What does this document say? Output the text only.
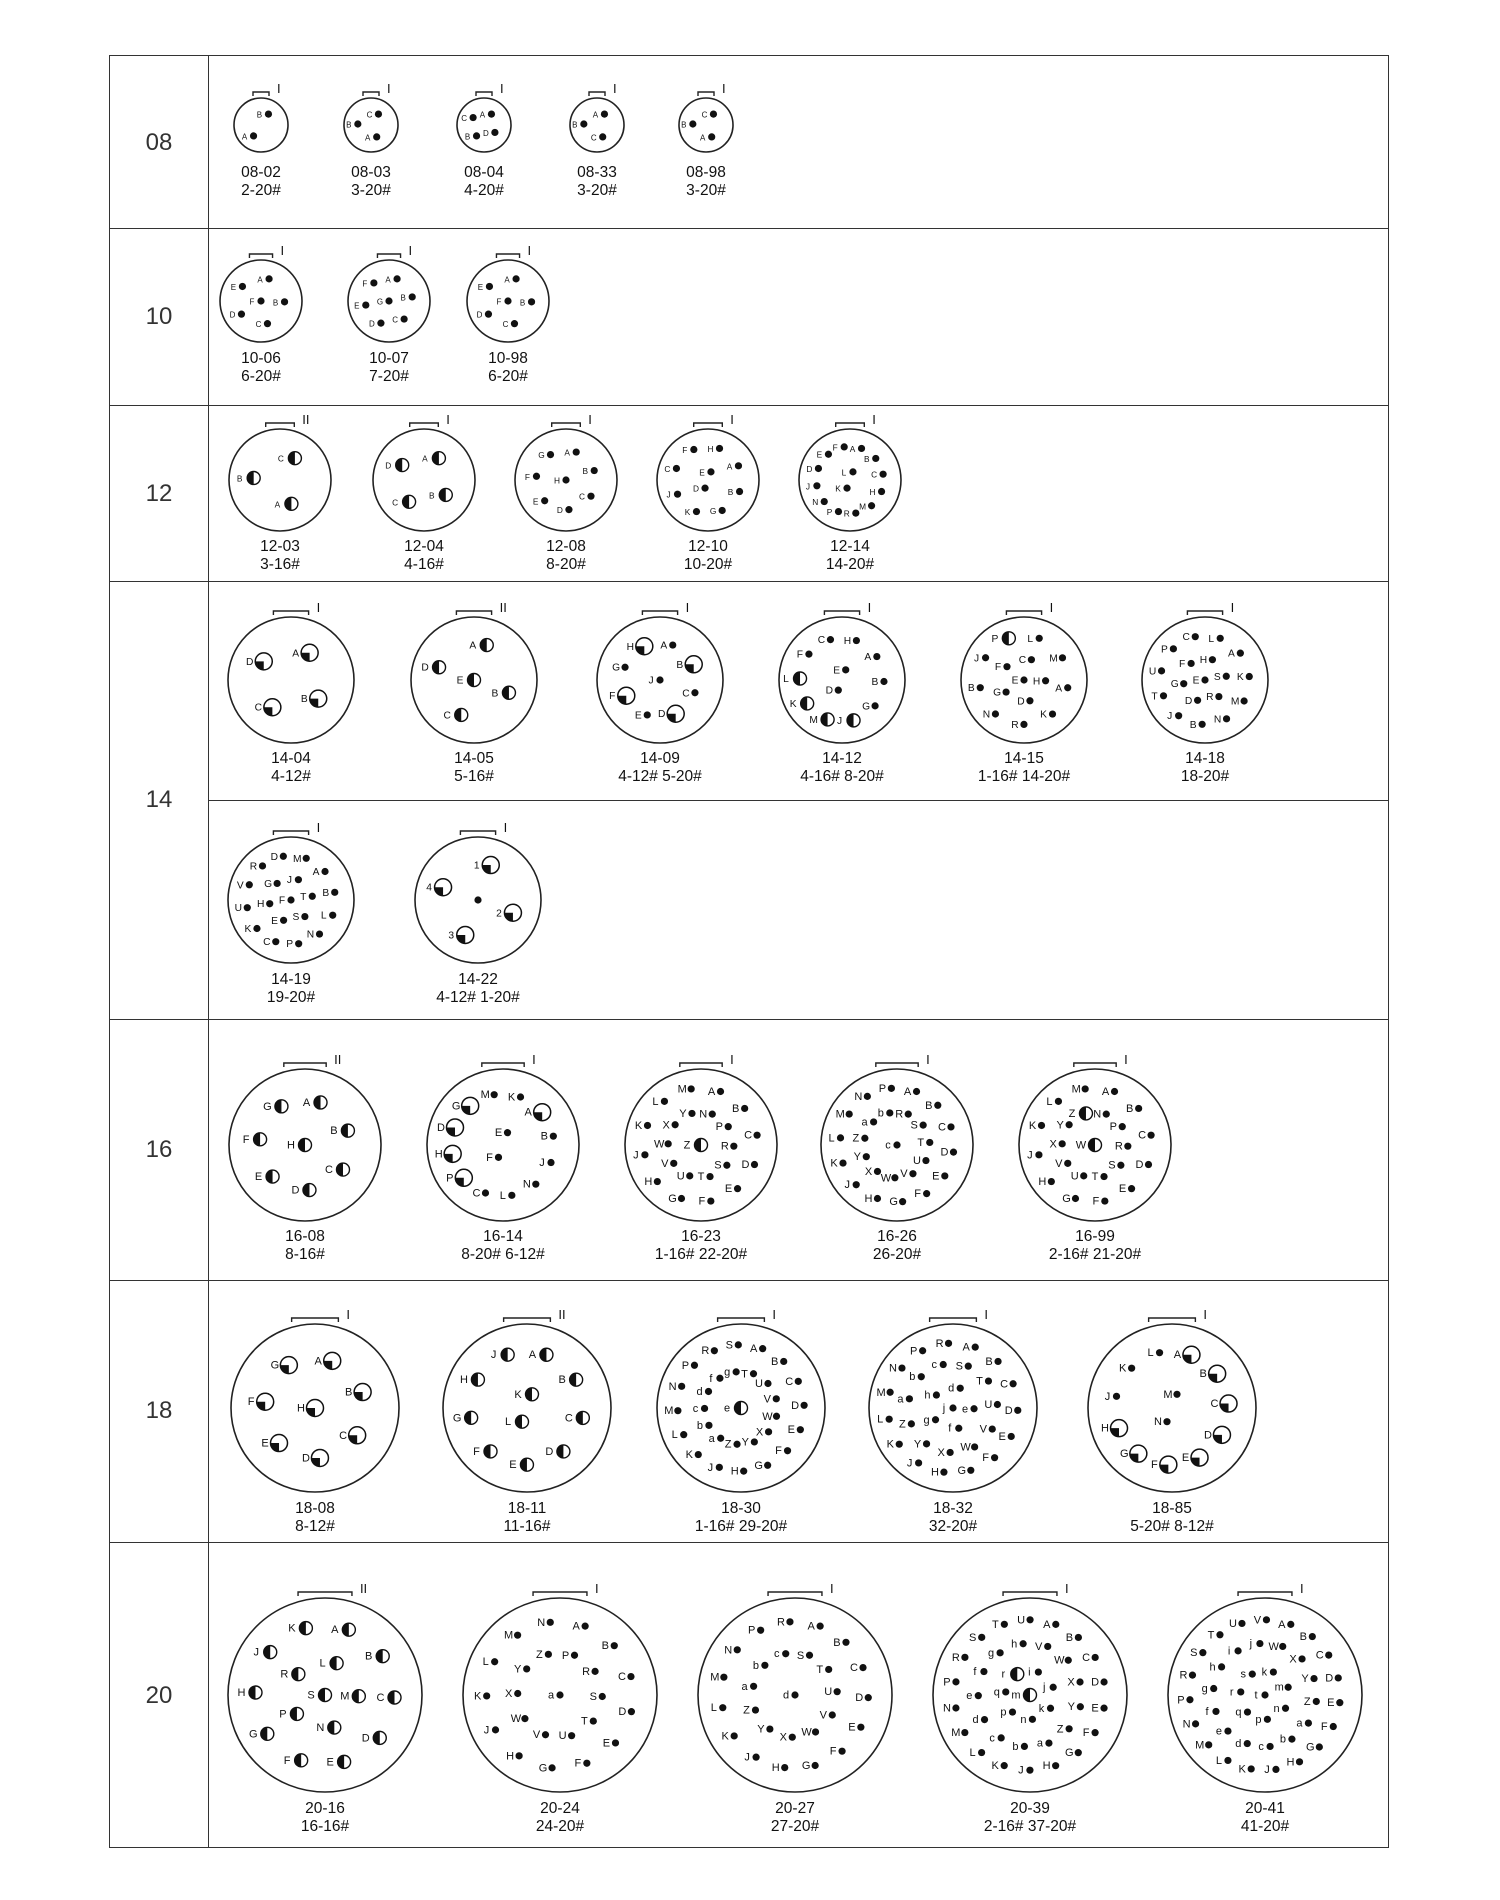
08
10
12
14
16
18
20
I
B
A
08-02
2-20#
I
C
A
B
08-03
3-20#
I
A
D
B
C
08-04
4-20#
I
A
C
B
08-33
3-20#
I
C
A
B
08-98
3-20#
I
A
B
C
D
E
F
10-06
6-20#
I
A
B
C
D
E
F
G
10-07
7-20#
I
A
B
C
D
E
F
10-98
6-20#
II
C
A
B
12-03
3-16#
I
A
B
C
D
12-04
4-16#
I
A
B
C
D
E
F
G
H
12-08
8-20#
I
H
A
B
G
K
J
C
F
E
D
12-10
10-20#
I
A
B
C
H
M
R
P
N
J
D
E
F
L
K
12-14
14-20#
I
A
B
C
D
14-04
4-12#
II
A
B
C
D
E
14-05
5-16#
I
A
B
C
D
E
F
G
H
J
14-09
4-12# 5-20#
I
H
A
B
G
J
M
K
L
F
C
E
D
14-12
4-16# 8-20#
I
L
M
A
K
R
N
B
J
P
C
H
D
G
F
E
14-15
1-16# 14-20#
I
L
A
K
M
N
B
J
T
U
P
C
H
S
R
D
G
F
E
14-18
18-20#
I
M
A
B
L
N
P
C
K
U
V
R
D
J
T
S
E
H
G
F
14-19
19-20#
I
1
2
3
4
14-22
4-12# 1-20#
II
A
B
C
D
E
F
G
H
16-08
8-16#
I
K
A
B
J
N
L
C
P
H
D
G
M
E
F
16-14
8-20# 6-12#
I
A
B
C
D
E
F
G
H
J
K
L
M
N
P
R
S
T
U
V
W
X
Y
Z
16-23
1-16# 22-20#
I
A
B
C
D
E
F
G
H
J
K
L
M
N
P
R
S
T
U
V
W
X
Y
Z
a
b
c
16-26
26-20#
I
A
B
C
D
E
F
G
H
J
K
L
M
N
P
R
S
T
U
V
X
Y
Z
W
16-99
2-16# 21-20#
I
A
B
C
D
E
F
G
H
18-08
8-12#
II
A
B
C
D
E
F
G
H
J
K
L
18-11
11-16#
I
A
B
C
D
E
F
G
H
J
K
L
M
N
P
R S
T
U
V
W
X
Y
Z
a
b
c
d
f
g
e
18-30
1-16# 29-20#
I
A
B
C
D
E
F
G
H
J
K
L
M
N
P
R
S
T
U
V
W
X
Y
Z
a
b
c
d
e
f
g
h
j
18-32
32-20#
I
A
B
C
D
E
F
G
H
J
K
L
M
N
18-85
5-20# 8-12#
II
A
B
C
D
E
F
G
H
J
K
L
M
N
P
R
S
20-16
16-16#
I
A
B
C
D
E
F
G
H
J
K
L
M
N
P
R
S
T
U
V
W
X
Y
Z
a
20-24
24-20#
I
A
B
C
D
E
F
G
H
J
K
L
M
N
P
R
S
T
U
V
W
X
Y
Z
a
b
c
d
20-27
27-20#
I
A
B
C
D
E
F
G
H
J
K
L
M
N
P
R
S
T U
V
W
X
Y
Z
a
b
c
d
e
f
g
h
i
j
k
n
p
q
r
m
20-39
2-16# 37-20#
I
A
B
C
D
E
F
G
H
J
K
L
M
N
P
R
S
T
U V
W
X
Y
Z
a
b
c
d
e
f
g
h
i
j
k
m
n
p
q
r
s
t
20-41
41-20#
